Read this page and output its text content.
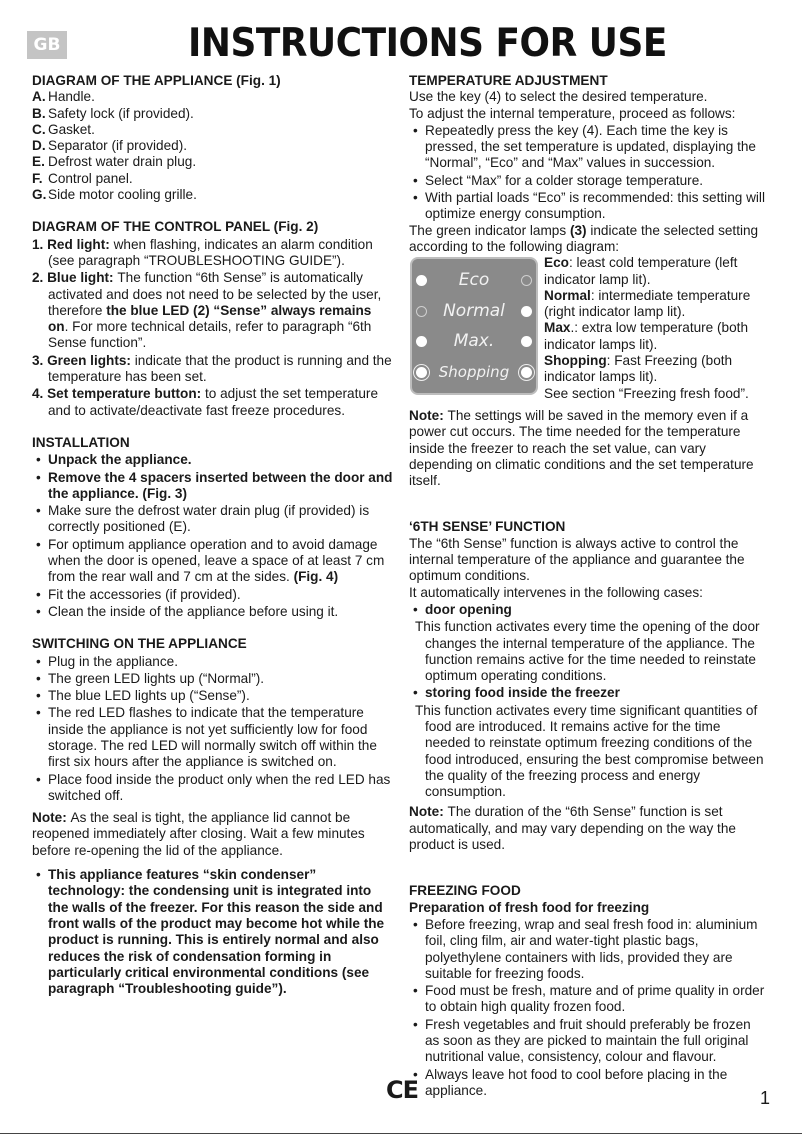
GB	INSTRUCTIONS FOR USE
DIAGRAM OF THE APPLIANCE (Fig. 1)
A. Handle.
B. Safety lock (if provided).
C. Gasket.
D. Separator (if provided).
E. Defrost water drain plug.
F. Control panel.
G. Side motor cooling grille.
DIAGRAM OF THE CONTROL PANEL (Fig. 2)
1. Red light: when flashing, indicates an alarm condition (see paragraph “TROUBLESHOOTING GUIDE”).
2. Blue light: The function “6th Sense” is automatically activated and does not need to be selected by the user, therefore the blue LED (2) “Sense” always remains on. For more technical details, refer to paragraph “6th Sense function”.
3. Green lights: indicate that the product is running and the temperature has been set.
4. Set temperature button: to adjust the set temperature and to activate/deactivate fast freeze procedures.
INSTALLATION
• Unpack the appliance.
• Remove the 4 spacers inserted between the door and the appliance. (Fig. 3)
• Make sure the defrost water drain plug (if provided) is correctly positioned (E).
• For optimum appliance operation and to avoid damage when the door is opened, leave a space of at least 7 cm from the rear wall and 7 cm at the sides. (Fig. 4)
• Fit the accessories (if provided).
• Clean the inside of the appliance before using it.
SWITCHING ON THE APPLIANCE
• Plug in the appliance.
• The green LED lights up (“Normal”).
• The blue LED lights up (“Sense”).
• The red LED flashes to indicate that the temperature inside the appliance is not yet sufficiently low for food storage. The red LED will normally switch off within the first six hours after the appliance is switched on.
• Place food inside the product only when the red LED has switched off.
Note: As the seal is tight, the appliance lid cannot be reopened immediately after closing. Wait a few minutes before re-opening the lid of the appliance.
• This appliance features “skin condenser” technology: the condensing unit is integrated into the walls of the freezer. For this reason the side and front walls of the product may become hot while the product is running. This is entirely normal and also reduces the risk of condensation forming in particularly critical environmental conditions (see paragraph “Troubleshooting guide”).
TEMPERATURE ADJUSTMENT
Use the key (4) to select the desired temperature.
To adjust the internal temperature, proceed as follows:
• Repeatedly press the key (4). Each time the key is pressed, the set temperature is updated, displaying the “Normal”, “Eco” and “Max” values in succession.
• Select “Max” for a colder storage temperature.
• With partial loads “Eco” is recommended: this setting will optimize energy consumption.
The green indicator lamps (3) indicate the selected setting according to the following diagram:
Eco
Normal
Max.
Shopping
Eco: least cold temperature (left indicator lamp lit).
Normal: intermediate temperature (right indicator lamp lit).
Max.: extra low temperature (both indicator lamps lit).
Shopping: Fast Freezing (both indicator lamps lit).
See section “Freezing fresh food”.
Note: The settings will be saved in the memory even if a power cut occurs. The time needed for the temperature inside the freezer to reach the set value, can vary depending on climatic conditions and the set temperature itself.
‘6TH SENSE’ FUNCTION
The “6th Sense” function is always active to control the internal temperature of the appliance and guarantee the optimum conditions.
It automatically intervenes in the following cases:
• door opening
This function activates every time the opening of the door changes the internal temperature of the appliance. The function remains active for the time needed to reinstate optimum operating conditions.
• storing food inside the freezer
This function activates every time significant quantities of food are introduced. It remains active for the time needed to reinstate optimum freezing conditions of the food introduced, ensuring the best compromise between the quality of the freezing process and energy consumption.
Note: The duration of the “6th Sense” function is set automatically, and may vary depending on the way the product is used.
FREEZING FOOD
Preparation of fresh food for freezing
• Before freezing, wrap and seal fresh food in: aluminium foil, cling film, air and water-tight plastic bags, polyethylene containers with lids, provided they are suitable for freezing foods.
• Food must be fresh, mature and of prime quality in order to obtain high quality frozen food.
• Fresh vegetables and fruit should preferably be frozen as soon as they are picked to maintain the full original nutritional value, consistency, colour and flavour.
• Always leave hot food to cool before placing in the appliance.
CE	1
